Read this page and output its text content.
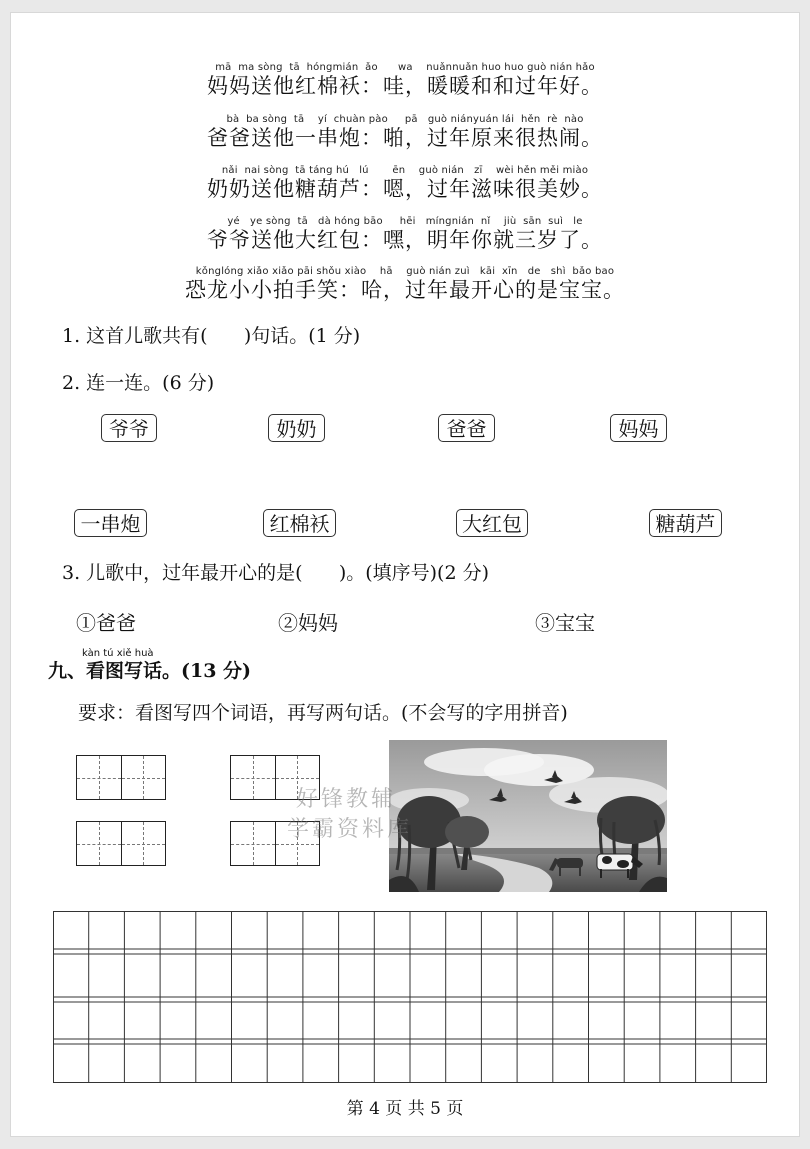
mā  ma sòng  tā  hóngmián  ǎo      wa    nuǎnnuǎn huo huo guò nián hǎo
妈妈送他红棉袄：哇，暖暖和和过年好。
bà  ba sòng  tā    yí  chuàn pào     pā   guò niányuán lái  hěn  rè  nào
爸爸送他一串炮：啪，过年原来很热闹。
nǎi  nai sòng  tā táng hú   lú       ēn    guò nián   zī    wèi hěn měi miào
奶奶送他糖葫芦：嗯，过年滋味很美妙。
yé   ye sòng  tā   dà hóng bāo     hēi   míngnián  nǐ    jiù  sān  suì   le
爷爷送他大红包：嘿，明年你就三岁了。
kǒnglóng xiǎo xiǎo pāi shǒu xiào    hā    guò nián zuì   kāi  xīn   de   shì  bǎo bao
恐龙小小拍手笑：哈，过年最开心的是宝宝。
1. 这首儿歌共有(      )句话。(1 分)
2. 连一连。(6 分)
爷爷	奶奶	爸爸	妈妈
一串炮	红棉袄	大红包	糖葫芦
3. 儿歌中，过年最开心的是(      )。(填序号)(2 分)
①爸爸	②妈妈	③宝宝
kàn tú xiě huà
九、看图写话。(13 分)
要求：看图写四个词语，再写两句话。(不会写的字用拼音)
好锋教辅
学霸资料库
第 4 页 共 5 页
